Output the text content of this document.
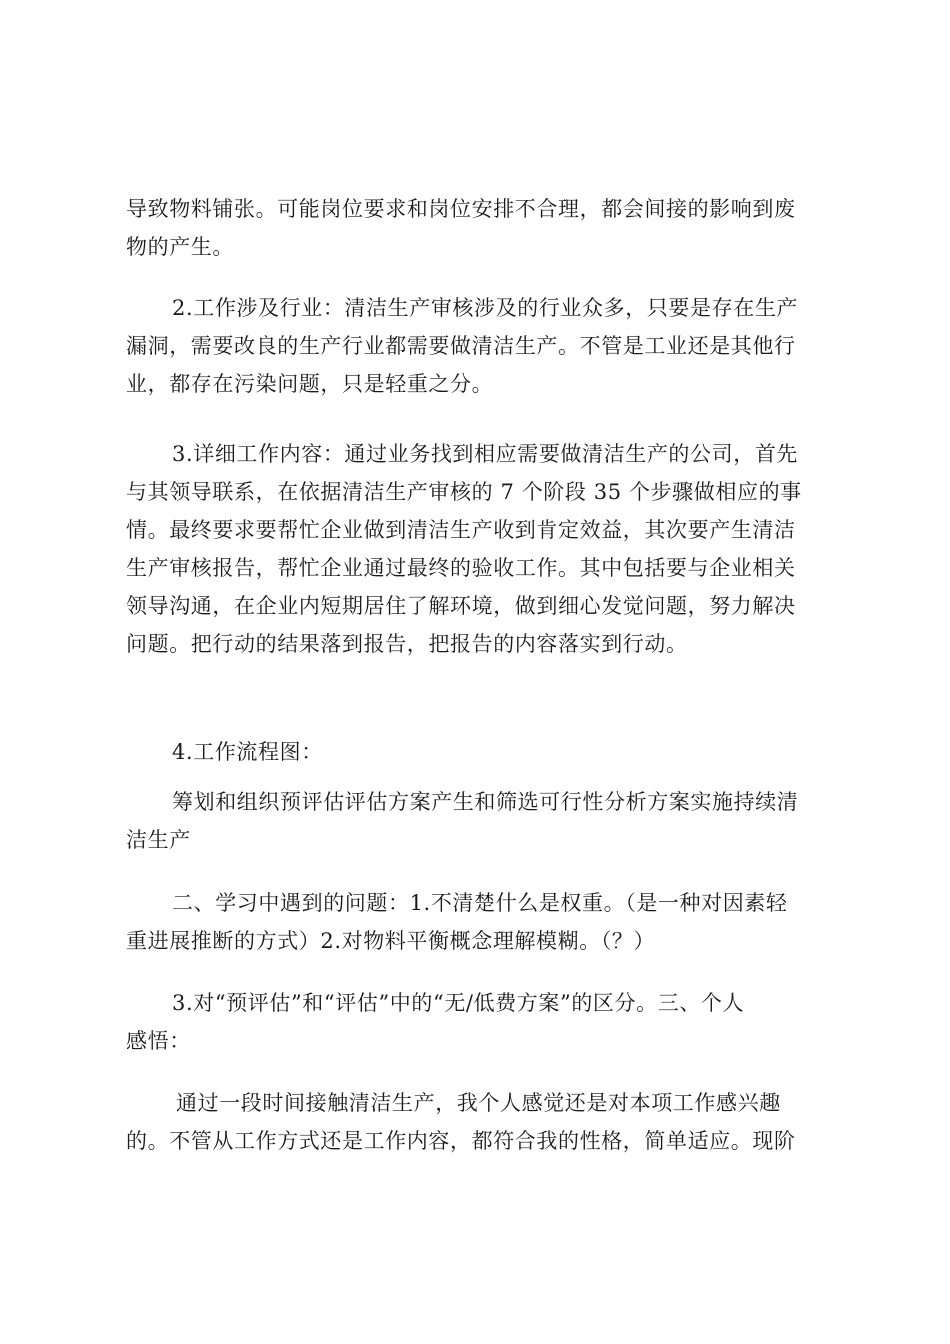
导致物料铺张。可能岗位要求和岗位安排不合理，都会间接的影响到废
物的产生。
2.工作涉及行业：清洁生产审核涉及的行业众多，只要是存在生产
漏洞，需要改良的生产行业都需要做清洁生产。不管是工业还是其他行
业，都存在污染问题，只是轻重之分。
3.详细工作内容：通过业务找到相应需要做清洁生产的公司，首先
与其领导联系，在依据清洁生产审核的 7 个阶段 35 个步骤做相应的事
情。最终要求要帮忙企业做到清洁生产收到肯定效益，其次要产生清洁
生产审核报告，帮忙企业通过最终的验收工作。其中包括要与企业相关
领导沟通，在企业内短期居住了解环境，做到细心发觉问题，努力解决
问题。把行动的结果落到报告，把报告的内容落实到行动。
4.工作流程图：
筹划和组织预评估评估方案产生和筛选可行性分析方案实施持续清
洁生产
二、学习中遇到的问题：1.不清楚什么是权重。（是一种对因素轻
重进展推断的方式）2.对物料平衡概念理解模糊。（？）
3.对“预评估”和“评估”中的“无/低费方案”的区分。三、个人
感悟：
通过一段时间接触清洁生产，我个人感觉还是对本项工作感兴趣
的。不管从工作方式还是工作内容，都符合我的性格，简单适应。现阶
